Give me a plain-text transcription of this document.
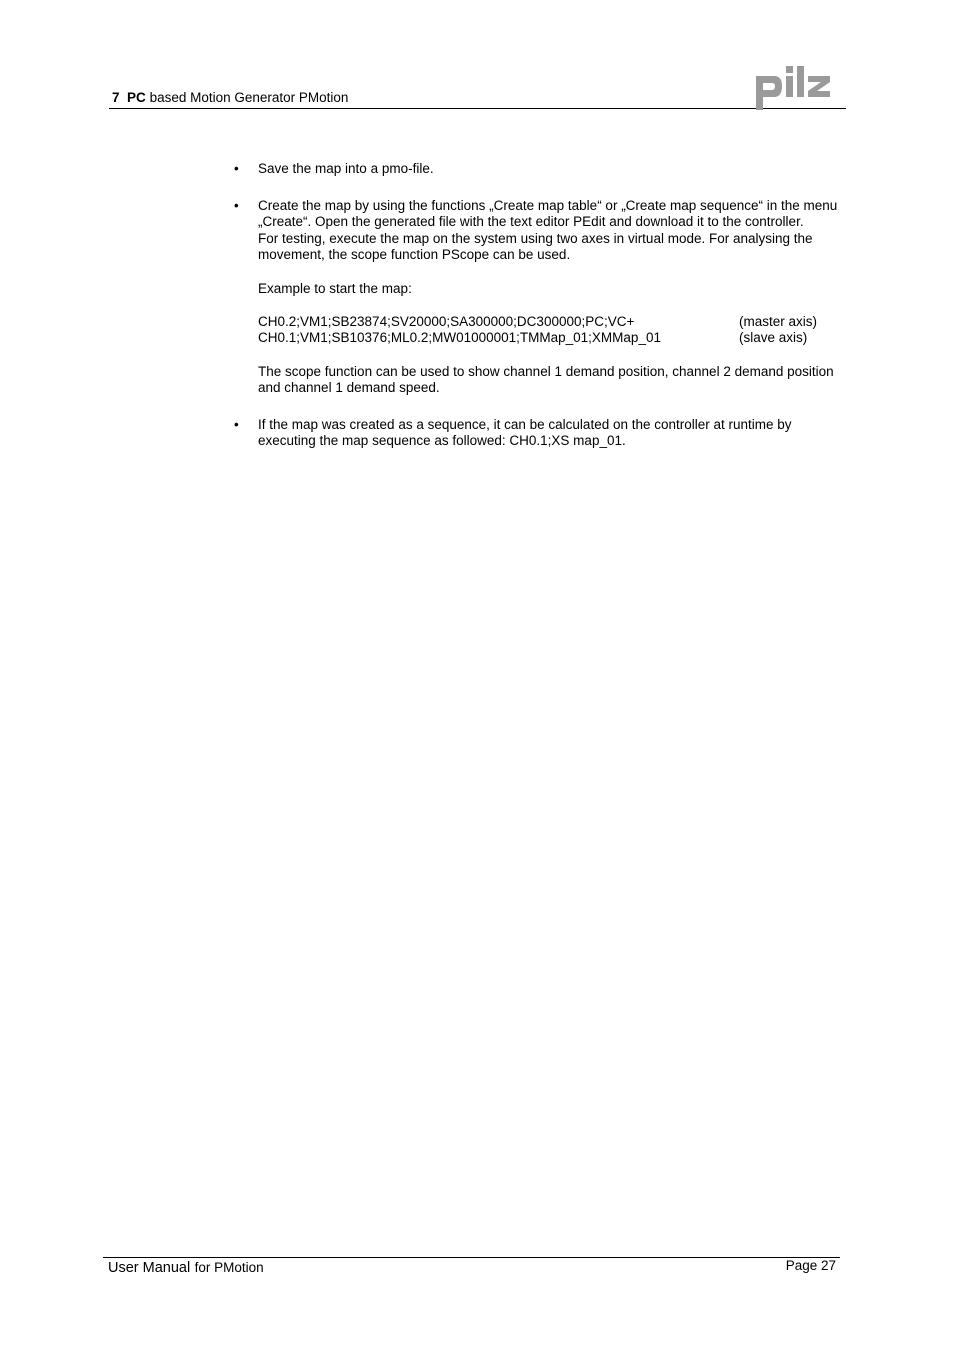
7 PC based Motion Generator PMotion
• Save the map into a pmo-file.

• Create the map by using the functions „Create map table“ or „Create map sequence“ in the menu „Create“. Open the generated file with the text editor PEdit and download it to the controller.

For testing, execute the map on the system using two axes in virtual mode. For analysing the movement, the scope function PScope can be used.

Example to start the map:

CH0.2;VM1;SB23874;SV20000;SA300000;DC300000;PC;VC+	(master axis)
CH0.1;VM1;SB10376;ML0.2;MW01000001;TMMap_01;XMMap_01	(slave axis)

The scope function can be used to show channel 1 demand position, channel 2 demand position and channel 1 demand speed.

• If the map was created as a sequence, it can be calculated on the controller at runtime by executing the map sequence as followed: CH0.1;XS map_01.

User Manual for PMotion	Page 27
